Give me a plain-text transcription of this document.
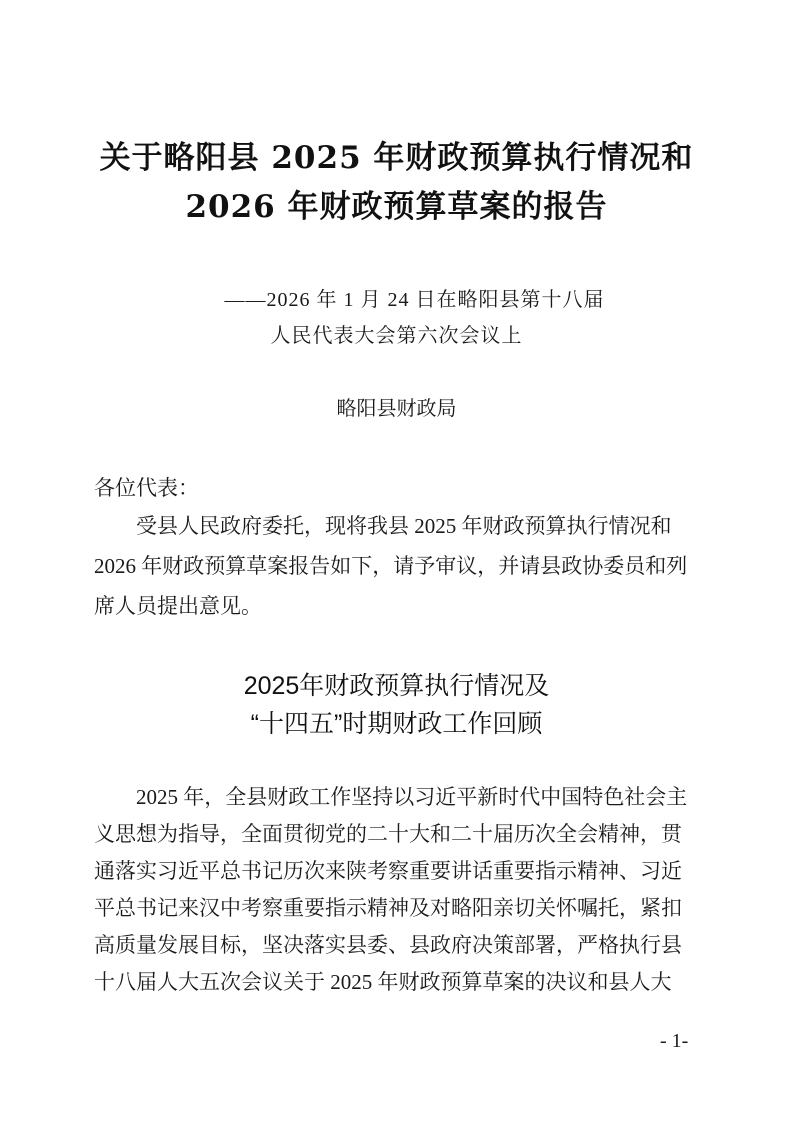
关于略阳县 2025 年财政预算执行情况和
2026 年财政预算草案的报告
——2026 年 1 月 24 日在略阳县第十八届
人民代表大会第六次会议上
略阳县财政局
各位代表：
受县人民政府委托，现将我县 2025 年财政预算执行情况和
2026 年财政预算草案报告如下，请予审议，并请县政协委员和列
席人员提出意见。
2025年财政预算执行情况及
“十四五”时期财政工作回顾
2025 年，全县财政工作坚持以习近平新时代中国特色社会主
义思想为指导，全面贯彻党的二十大和二十届历次全会精神，贯
通落实习近平总书记历次来陕考察重要讲话重要指示精神、习近
平总书记来汉中考察重要指示精神及对略阳亲切关怀嘱托，紧扣
高质量发展目标，坚决落实县委、县政府决策部署，严格执行县
十八届人大五次会议关于 2025 年财政预算草案的决议和县人大
- 1-
